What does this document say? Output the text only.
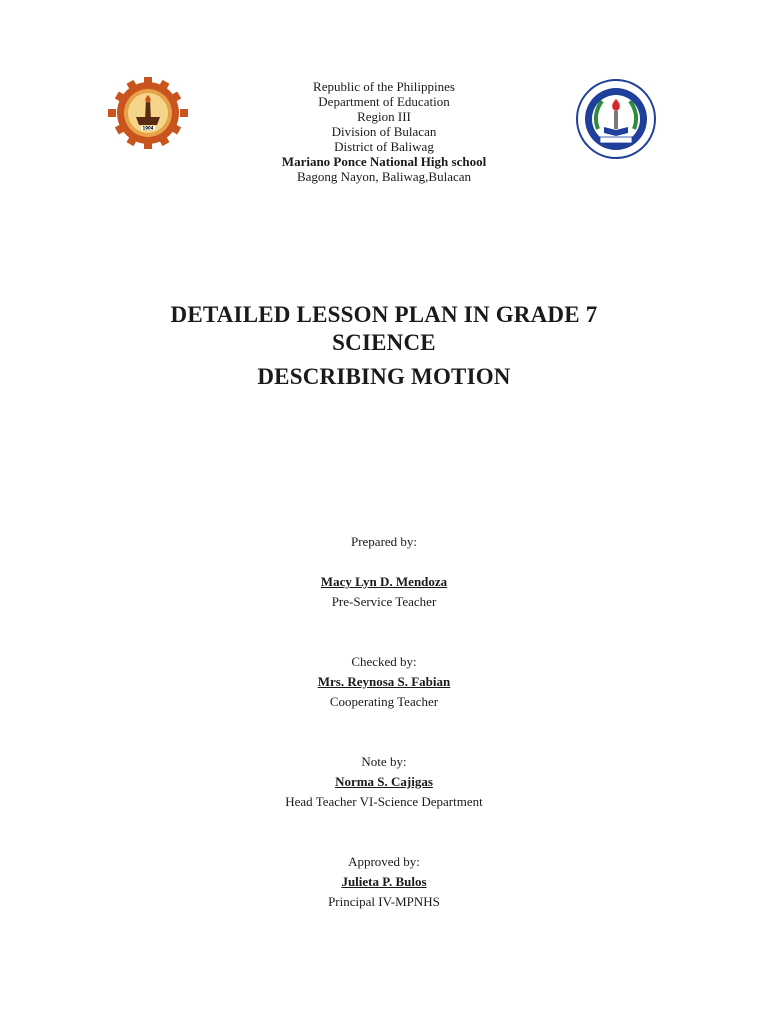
1904
Republic of the Philippines
Department of Education
Region III
Division of Bulacan
District of Baliwag
Mariano Ponce National High school
Bagong Nayon, Baliwag,Bulacan
DETAILED LESSON PLAN IN GRADE 7
SCIENCE
DESCRIBING MOTION
Prepared by:
Macy Lyn D. Mendoza
Pre-Service Teacher
Checked by:
Mrs. Reynosa S. Fabian
Cooperating Teacher
Note by:
Norma S. Cajigas
Head Teacher VI-Science Department
Approved by:
Julieta P. Bulos
Principal IV-MPNHS
